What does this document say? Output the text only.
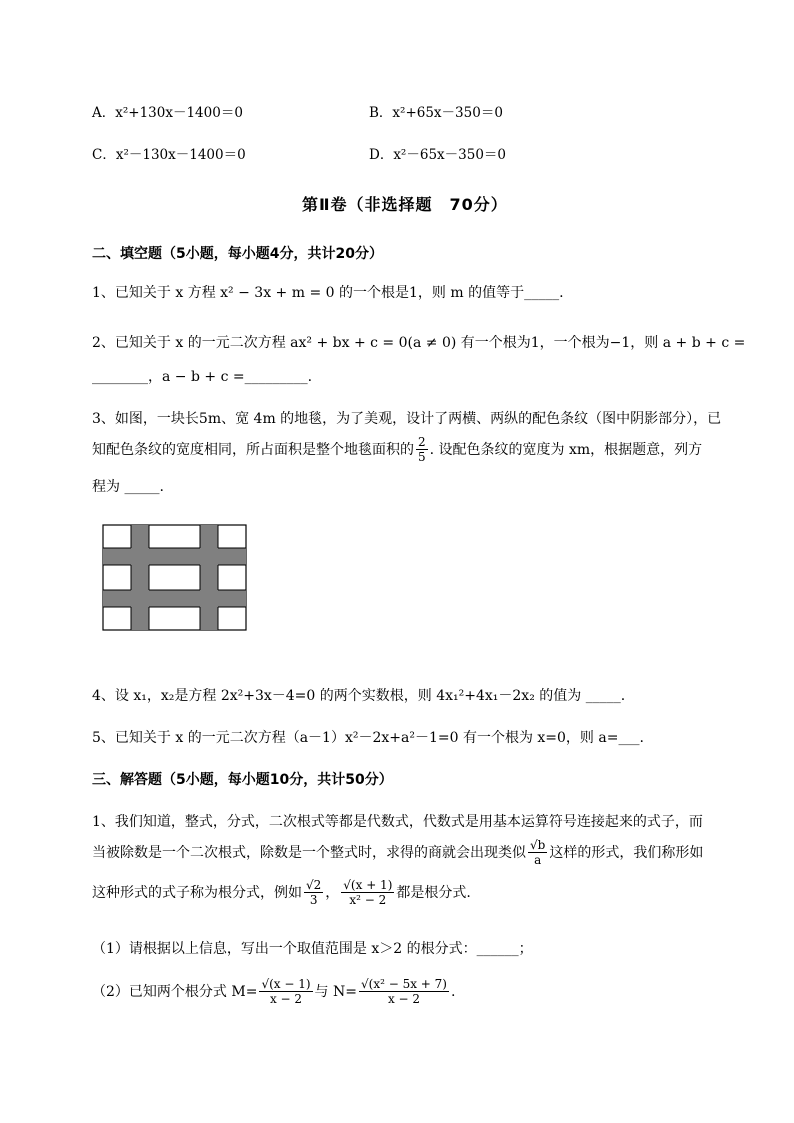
A．x²+130x－1400＝0	B．x²+65x－350＝0
C．x²－130x－1400＝0	D．x²－65x－350＝0
第Ⅱ卷（非选择题　70分）
二、填空题（5小题，每小题4分，共计20分）
1、已知关于 x 方程 x² − 3x + m = 0 的一个根是1，则 m 的值等于_____.
2、已知关于 x 的一元二次方程 ax² + bx + c = 0(a ≠ 0) 有一个根为1，一个根为−1，则 a + b + c =
________，a − b + c =_________.
3、如图，一块长5m、宽 4m 的地毯，为了美观，设计了两横、两纵的配色条纹（图中阴影部分），已
知配色条纹的宽度相同，所占面积是整个地毯面积的 $\frac{2}{5}$ . 设配色条纹的宽度为 xm，根据题意，列方
程为 _____.
4、设 x₁，x₂是方程 2x²+3x－4=0 的两个实数根，则 4x₁²+4x₁－2x₂ 的值为 _____.
5、已知关于 x 的一元二次方程（a－1）x²－2x+a²－1=0 有一个根为 x=0，则 a=___.
三、解答题（5小题，每小题10分，共计50分）
1、我们知道，整式，分式，二次根式等都是代数式，代数式是用基本运算符号连接起来的式子，而
当被除数是一个二次根式，除数是一个整式时，求得的商就会出现类似 $\frac{√b}{a}$ 这样的形式，我们称形如
这种形式的式子称为根分式，例如 $\frac{√2}{3}$ ， $\frac{√(x + 1)}{\text{x² − 2}}$ 都是根分式.
（1）请根据以上信息，写出一个取值范围是 x＞2 的根分式：______；
（2）已知两个根分式 $M= \frac{√(x - 1)}{x - 2}$ 与 $N= \frac{\text{√(x² − 5x + 7)}}{x - 2}$ .
